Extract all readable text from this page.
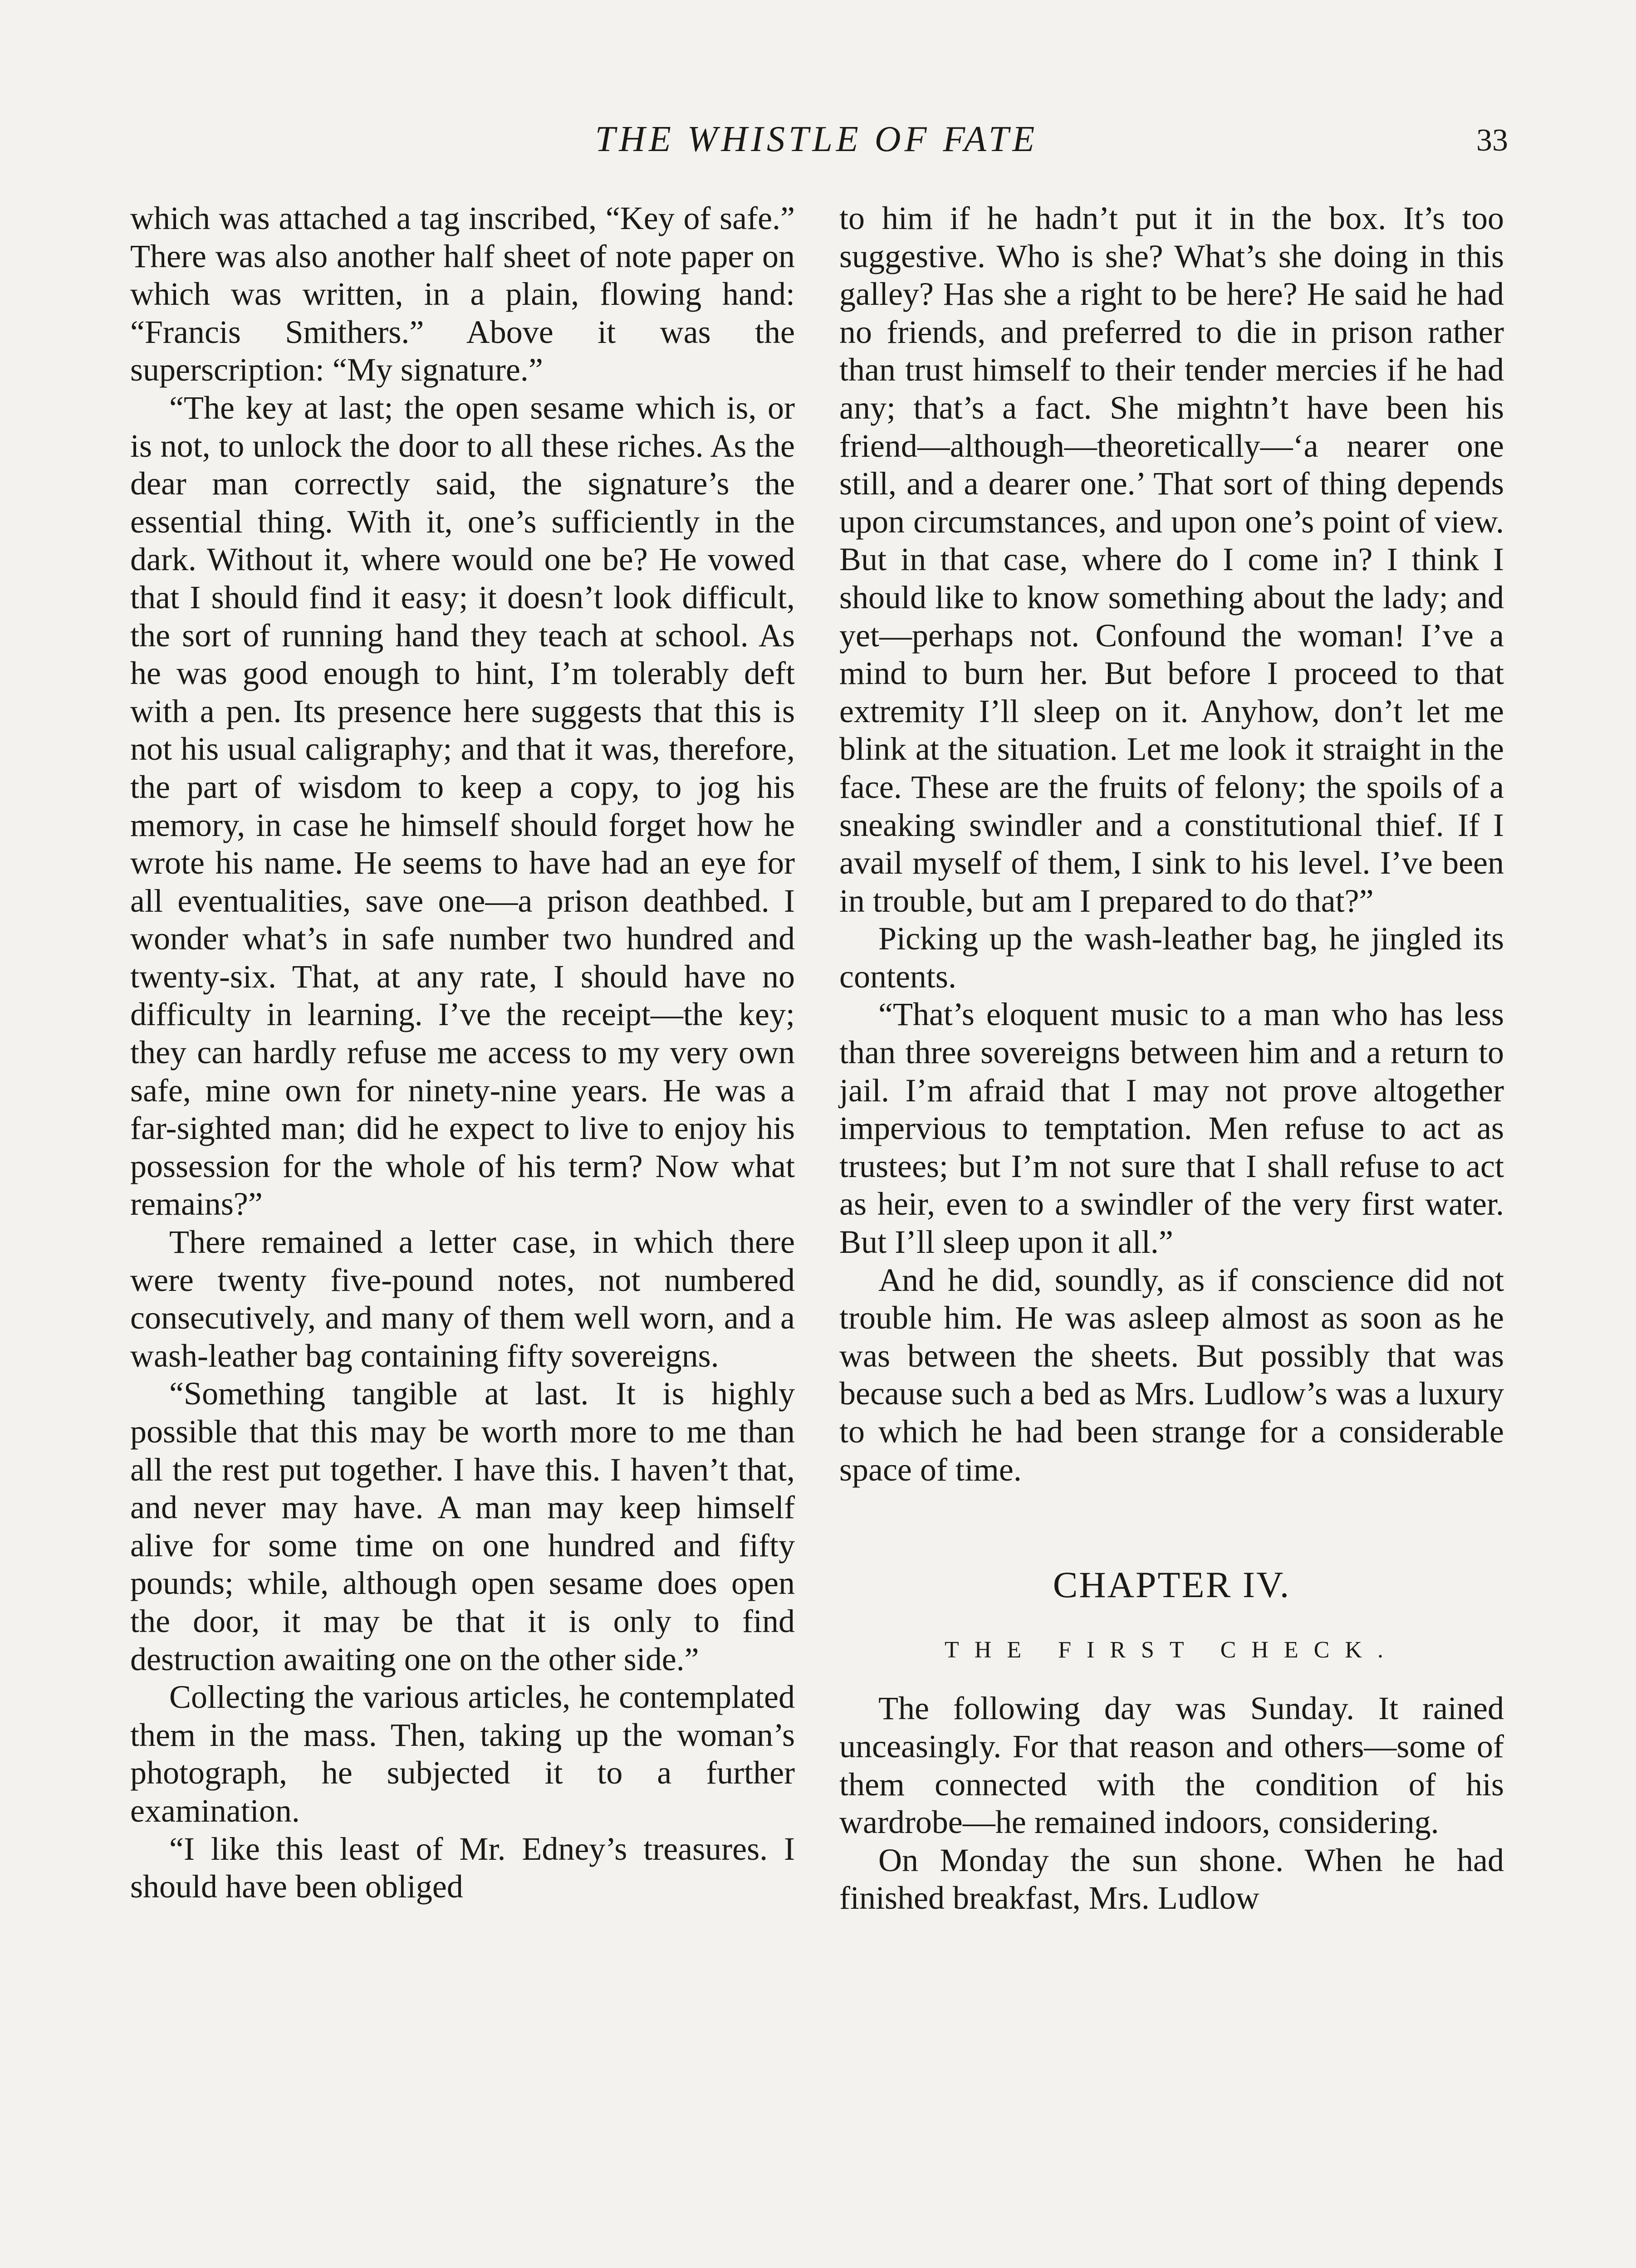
THE WHISTLE OF FATE	33

which was attached a tag inscribed, “Key of safe.” There was also another half sheet of note paper on which was written, in a plain, flowing hand: “Francis Smithers.” Above it was the superscription: “My signature.”

“The key at last; the open sesame which is, or is not, to unlock the door to all these riches. As the dear man correctly said, the signature’s the essential thing. With it, one’s sufficiently in the dark. Without it, where would one be? He vowed that I should find it easy; it doesn’t look difficult, the sort of running hand they teach at school. As he was good enough to hint, I’m tolerably deft with a pen. Its presence here suggests that this is not his usual caligraphy; and that it was, therefore, the part of wisdom to keep a copy, to jog his memory, in case he himself should forget how he wrote his name. He seems to have had an eye for all eventualities, save one—a prison deathbed. I wonder what’s in safe number two hundred and twenty-six. That, at any rate, I should have no difficulty in learning. I’ve the receipt—the key; they can hardly refuse me access to my very own safe, mine own for ninety-nine years. He was a far-sighted man; did he expect to live to enjoy his possession for the whole of his term? Now what remains?”

There remained a letter case, in which there were twenty five-pound notes, not numbered consecutively, and many of them well worn, and a wash-leather bag containing fifty sovereigns.

“Something tangible at last. It is highly possible that this may be worth more to me than all the rest put together. I have this. I haven’t that, and never may have. A man may keep himself alive for some time on one hundred and fifty pounds; while, although open sesame does open the door, it may be that it is only to find destruction awaiting one on the other side.”

Collecting the various articles, he contemplated them in the mass. Then, taking up the woman’s photograph, he subjected it to a further examination.

“I like this least of Mr. Edney’s treasures. I should have been obliged

to him if he hadn’t put it in the box. It’s too suggestive. Who is she? What’s she doing in this galley? Has she a right to be here? He said he had no friends, and preferred to die in prison rather than trust himself to their tender mercies if he had any; that’s a fact. She mightn’t have been his friend—although—theoretically—‘a nearer one still, and a dearer one.’ That sort of thing depends upon circumstances, and upon one’s point of view. But in that case, where do I come in? I think I should like to know something about the lady; and yet—perhaps not. Confound the woman! I’ve a mind to burn her. But before I proceed to that extremity I’ll sleep on it. Anyhow, don’t let me blink at the situation. Let me look it straight in the face. These are the fruits of felony; the spoils of a sneaking swindler and a constitutional thief. If I avail myself of them, I sink to his level. I’ve been in trouble, but am I prepared to do that?”

Picking up the wash-leather bag, he jingled its contents.

“That’s eloquent music to a man who has less than three sovereigns between him and a return to jail. I’m afraid that I may not prove altogether impervious to temptation. Men refuse to act as trustees; but I’m not sure that I shall refuse to act as heir, even to a swindler of the very first water. But I’ll sleep upon it all.”

And he did, soundly, as if conscience did not trouble him. He was asleep almost as soon as he was between the sheets. But possibly that was because such a bed as Mrs. Ludlow’s was a luxury to which he had been strange for a considerable space of time.

CHAPTER IV.
THE FIRST CHECK.

The following day was Sunday. It rained unceasingly. For that reason and others—some of them connected with the condition of his wardrobe—he remained indoors, considering.

On Monday the sun shone. When he had finished breakfast, Mrs. Ludlow
